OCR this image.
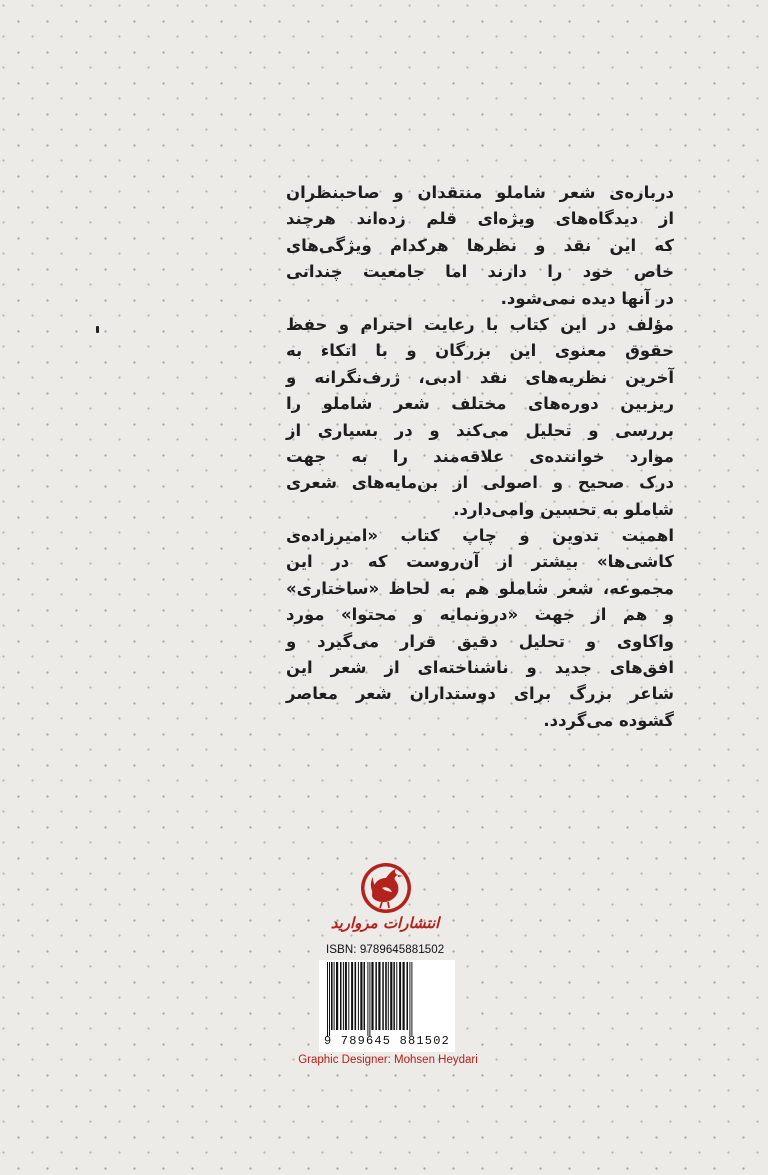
درباره‌ی شعر شاملو منتقدان و صاحبنظران
از دیدگاه‌های ویژه‌ای قلم زده‌اند هرچند
که این نقد و نظرها هرکدام ویژگی‌های
خاص خود را دارند اما جامعیت چندانی
در آنها دیده نمی‌شود.
مؤلف در این کتاب با رعایت احترام و حفظ
حقوق معنوی این بزرگان و با اتکاء به
آخرین نظریه‌های نقد ادبی، ژرف‌نگرانه و
ریزبین دوره‌های مختلف شعر شاملو را
بررسی و تحلیل می‌کند و در بسیاری از
موارد خواننده‌ی علاقه‌مند را به جهت
درک صحیح و اصولی از بن‌مایه‌های شعری
شاملو به تحسین وامی‌دارد.
اهمیت تدوین و چاپ کتاب «امیرزاده‌ی
کاشی‌ها» بیشتر از آن‌روست که در این
مجموعه، شعر شاملو هم به لحاظ «ساختاری»
و هم از جهت «درونمایه و محتوا» مورد
واکاوی و تحلیل دقیق قرار می‌گیرد و
افق‌های جدید و ناشناخته‌ای از شعر این
شاعر بزرگ برای دوستداران شعر معاصر
گشوده می‌گردد.
انتشارات مروارید
ISBN: 9789645881502
9 789645 881502
Graphic Designer: Mohsen Heydari
